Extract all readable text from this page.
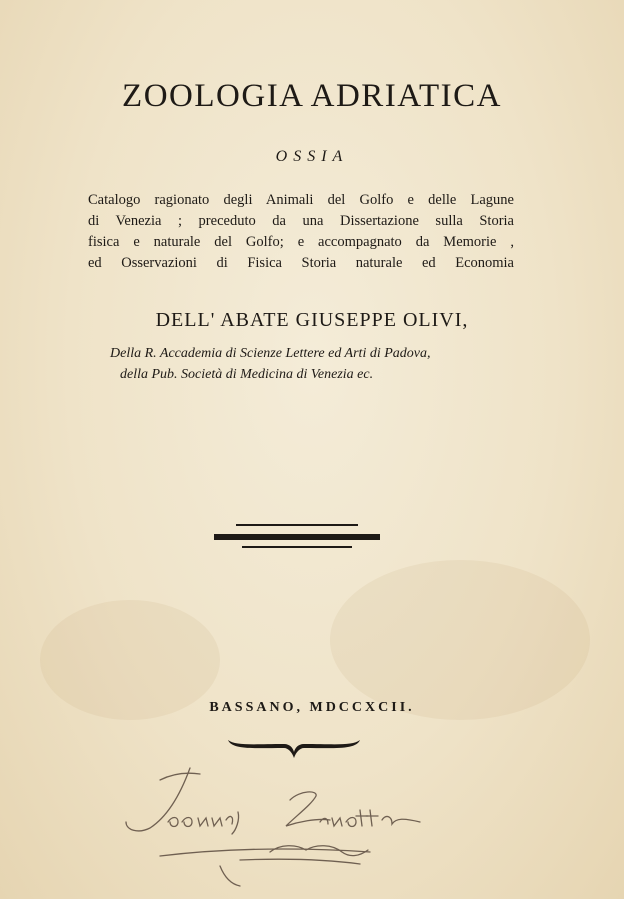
ZOOLOGIA ADRIATICA
OSSIA
Catalogo ragionato degli Animali del Golfo e delle Lagune
di Venezia ; preceduto da una Dissertazione sulla Storia
fisica e naturale del Golfo; e accompagnato da Memorie ,
ed Osservazioni di Fisica Storia naturale ed Economia
DELL' ABATE GIUSEPPE OLIVI,
Della R. Accademia di Scienze Lettere ed Arti di Padova,
della Pub. Società di Medicina di Venezia ec.
BASSANO, MDCCXCII.
